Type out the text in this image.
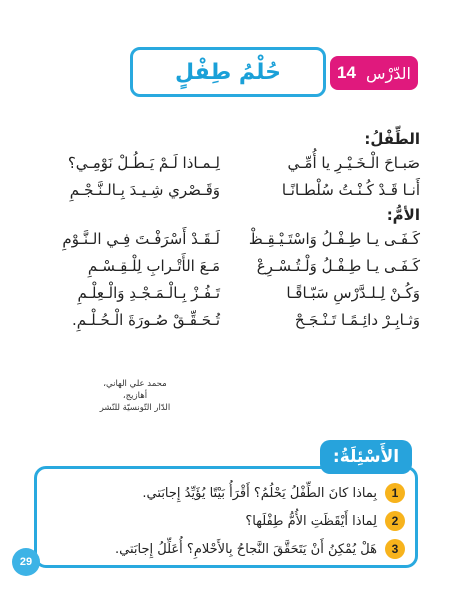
الدّرْس
14
حُلْمُ طِفْلٍ
الطِّفْلُ:
صَبـاحَ الْـخَـيْـرِ يا أُمِّـي
لِـمـاذا لَـمْ يَـطُـلْ نَوْمِـي؟
أَنـا قَـدْ كُـنْـتُ سُلْطـانًـا
وَقَـصْري شِـيـدَ بِـالـنَّـجْـمِ
الأمُّ:
كَـفَـى يـا طِـفْـلُ وَاسْتَـيْـقِـظْ
لَـقَـدْ أَسْرَفْـتَ فِـي الـنَّـوْمِ
كَـفَـى يـا طِـفْـلُ وَلْـتُـسْـرِعْ
مَـعَ الأَتْـرابِ لِلْـقِـسْـمِ
وَكُـنْ لِـلـدَّرْسِ سَبّـاقًـا
تَـفُـزْ بِـالْـمَـجْـدِ وَالْـعِلْـمِ
وَثـابِـرْ دائِـمًـا تَـنْـجَـحْ
تُـحَـقِّـقْ صُـورَةَ الْـحُـلْـمِ.
محمد علي الهاني، أهازيج،
الدّار التّونسيّة للنّشر
1
بِماذا كانَ الطِّفْلُ يَحْلُمُ؟ أَقْرَأُ بَيْتًا يُؤَيِّدُ إِجابَتي.
2
لِماذا أَيْقَظَتِ الأُمُّ طِفْلَها؟
3
هَلْ يُمْكِنُ أَنْ يَتَحَقَّقَ النَّجاحُ بِالأَحْلامِ؟ أُعَلِّلُ إِجابَتي.
الأَسْئِلَةُ:
29
